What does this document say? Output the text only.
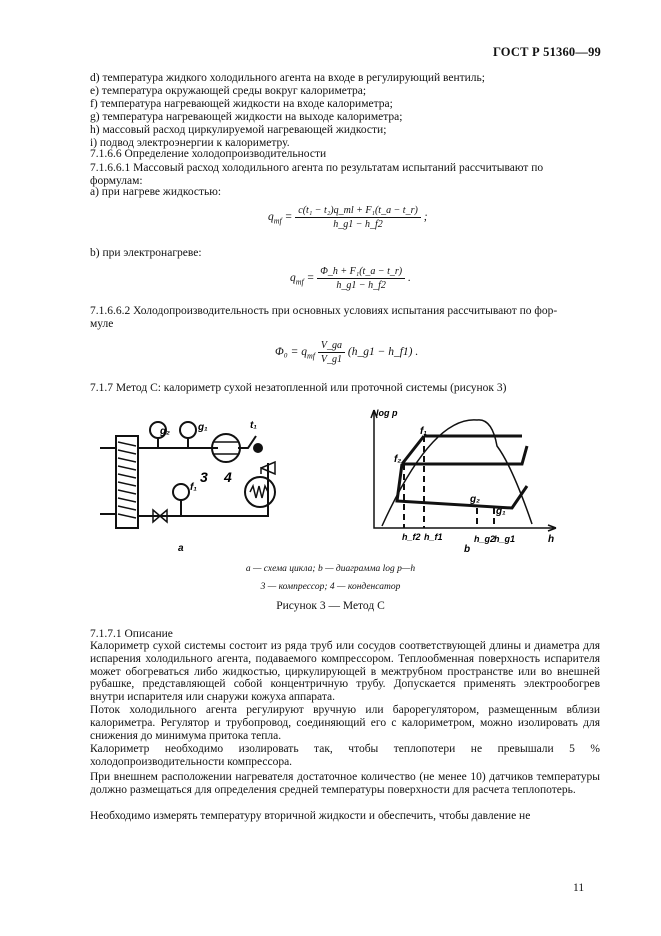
ГОСТ Р 51360—99
d) температура жидкого холодильного агента на входе в регулирующий вентиль;
e) температура окружающей среды вокруг калориметра;
f) температура нагревающей жидкости на входе калориметра;
g) температура нагревающей жидкости на выходе калориметра;
h) массовый расход циркулируемой нагревающей жидкости;
i) подвод электроэнергии к калориметру.
7.1.6.6 Определение холодопроизводительности
7.1.6.6.1 Массовый расход холодильного агента по результатам испытаний рассчитывают по
формулам:
а) при нагреве жидкостью:
$q_{mf} = \frac{\text{c(t₁ − t₂)q\_ml + F₁(t\_a − t\_r)}}{h\_g1 - h\_f2}$ ;
b) при электронагреве:
$q_{mf} = \frac{\text{Φ\_h + F₁(t\_a − t\_r)}}{h\_g1 - h\_f2}$ .
7.1.6.6.2 Холодопроизводительность при основных условиях испытания рассчитывают по фор-
муле
$\Phi_0 = q_{mf} \frac{V\_ga}{V\_g1}$ (h_g1 − h_f1) .
7.1.7 Метод С: калориметр сухой незатопленной или проточной системы (рисунок 3)
g₂	g₁	t₁
f₁
3 4
a
log p
h
f₁
f₂
g₂
g₁
h_f2 h_f1	h_g2
h_g1
b
a — схема цикла; b — диаграмма log p—h
3 — компрессор; 4 — конденсатор
Рисунок 3 — Метод С
7.1.7.1 Описание
Калориметр сухой системы состоит из ряда труб или сосудов соответствующей длины и диаметра для испарения холодильного агента, подаваемого компрессором. Теплообменная поверхность испарителя может обогреваться либо жидкостью, циркулирующей в межтрубном пространстве или во внешней рубашке, представляющей собой концентричную трубу. Допускается применять электрообогрев внутри испарителя или снаружи кожуха аппарата.
Поток холодильного агента регулируют вручную или барорегулятором, размещенным вблизи калориметра. Регулятор и трубопровод, соединяющий его с калориметром, можно изолировать для снижения до минимума притока тепла.
Калориметр необходимо изолировать так, чтобы теплопотери не превышали 5 % холодопроизводительности компрессора.
При внешнем расположении нагревателя достаточное количество (не менее 10) датчиков температуры должно размещаться для определения средней температуры поверхности для расчета теплопотерь.
Необходимо измерять температуру вторичной жидкости и обеспечить, чтобы давление не
11
